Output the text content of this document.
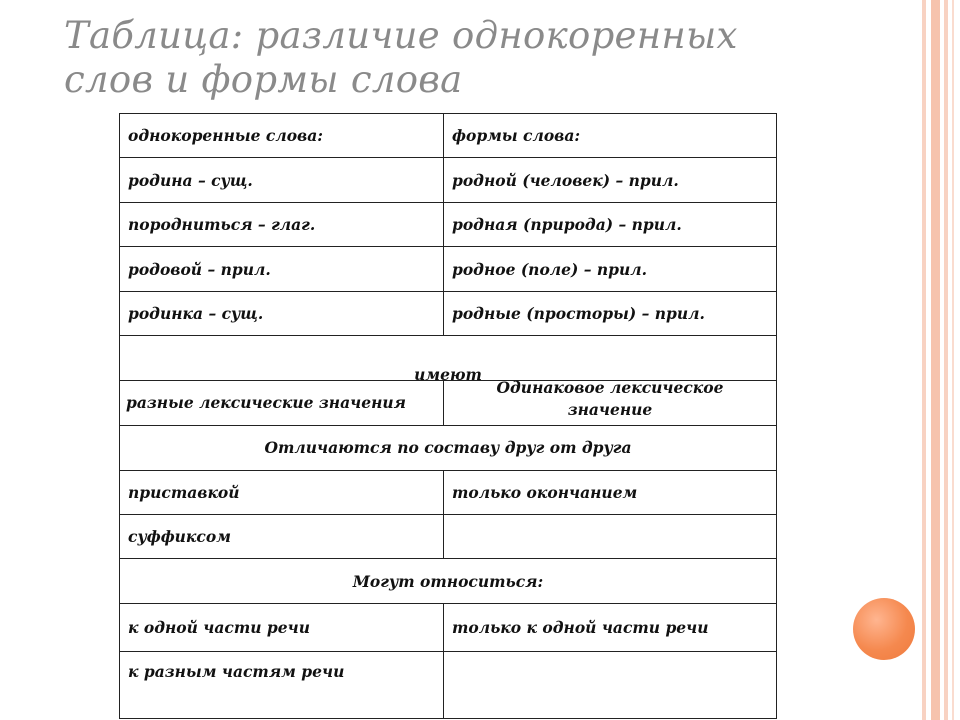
Таблица: различие однокоренных слов и формы слова
однокоренные слова:	формы слова:
родина – сущ.	родной (человек) – прил.
породниться – глаг.	родная (природа) – прил.
родовой – прил.	родное (поле) – прил.
родинка – сущ.	родные (просторы) – прил.
имеют	
разные лексические значения	Одинаковое лексическое значение

Отличаются по составу друг от друга	
приставкой	только окончанием
суффиксом	
Могут относиться:	
к одной части речи	только к одной части речи
к разным частям речи	
